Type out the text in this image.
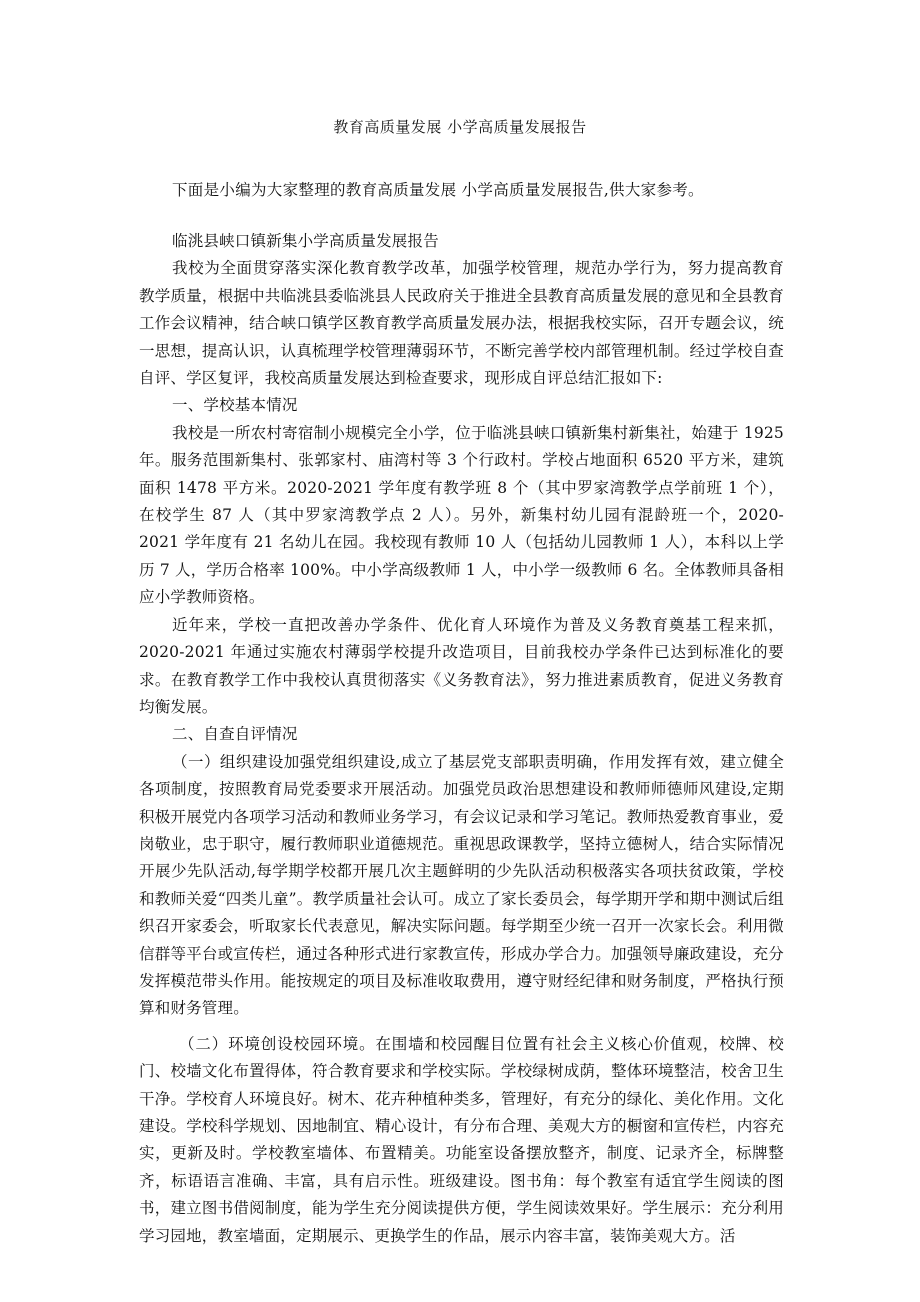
教育高质量发展 小学高质量发展报告
下面是小编为大家整理的教育高质量发展 小学高质量发展报告,供大家参考。

临洮县峡口镇新集小学高质量发展报告

我校为全面贯穿落实深化教育教学改革，加强学校管理，规范办学行为，努力提高教育教学质量，根据中共临洮县委临洮县人民政府关于推进全县教育高质量发展的意见和全县教育工作会议精神，结合峡口镇学区教育教学高质量发展办法，根据我校实际，召开专题会议，统一思想，提高认识，认真梳理学校管理薄弱环节，不断完善学校内部管理机制。经过学校自查自评、学区复评，我校高质量发展达到检查要求，现形成自评总结汇报如下:

一、学校基本情况

我校是一所农村寄宿制小规模完全小学，位于临洮县峡口镇新集村新集社，始建于 1925 年。服务范围新集村、张郭家村、庙湾村等 3 个行政村。学校占地面积 6520 平方米，建筑面积 1478 平方米。2020-2021 学年度有教学班 8 个（其中罗家湾教学点学前班 1 个），在校学生 87 人（其中罗家湾教学点 2 人）。另外，新集村幼儿园有混龄班一个，2020-2021 学年度有 21 名幼儿在园。我校现有教师 10 人（包括幼儿园教师 1 人），本科以上学历 7 人，学历合格率 100%。中小学高级教师 1 人，中小学一级教师 6 名。全体教师具备相应小学教师资格。

近年来，学校一直把改善办学条件、优化育人环境作为普及义务教育奠基工程来抓，2020-2021 年通过实施农村薄弱学校提升改造项目，目前我校办学条件已达到标准化的要求。在教育教学工作中我校认真贯彻落实《义务教育法》，努力推进素质教育，促进义务教育均衡发展。

二、自查自评情况

（一）组织建设加强党组织建设,成立了基层党支部职责明确，作用发挥有效，建立健全各项制度，按照教育局党委要求开展活动。加强党员政治思想建设和教师师德师风建设,定期积极开展党内各项学习活动和教师业务学习，有会议记录和学习笔记。教师热爱教育事业，爱岗敬业，忠于职守，履行教师职业道德规范。重视思政课教学，坚持立德树人，结合实际情况开展少先队活动,每学期学校都开展几次主题鲜明的少先队活动积极落实各项扶贫政策，学校和教师关爱“四类儿童”。教学质量社会认可。成立了家长委员会，每学期开学和期中测试后组织召开家委会，听取家长代表意见，解决实际问题。每学期至少统一召开一次家长会。利用微信群等平台或宣传栏，通过各种形式进行家教宣传，形成办学合力。加强领导廉政建设，充分发挥模范带头作用。能按规定的项目及标准收取费用，遵守财经纪律和财务制度，严格执行预算和财务管理。

（二）环境创设校园环境。在围墙和校园醒目位置有社会主义核心价值观，校牌、校门、校墙文化布置得体，符合教育要求和学校实际。学校绿树成荫，整体环境整洁，校舍卫生干净。学校育人环境良好。树木、花卉种植种类多，管理好，有充分的绿化、美化作用。文化建设。学校科学规划、因地制宜、精心设计，有分布合理、美观大方的橱窗和宣传栏，内容充实，更新及时。学校教室墙体、布置精美。功能室设备摆放整齐，制度、记录齐全，标牌整齐，标语语言准确、丰富，具有启示性。班级建设。图书角：每个教室有适宜学生阅读的图书，建立图书借阅制度，能为学生充分阅读提供方便，学生阅读效果好。学生展示：充分利用学习园地，教室墙面，定期展示、更换学生的作品，展示内容丰富，装饰美观大方。活
